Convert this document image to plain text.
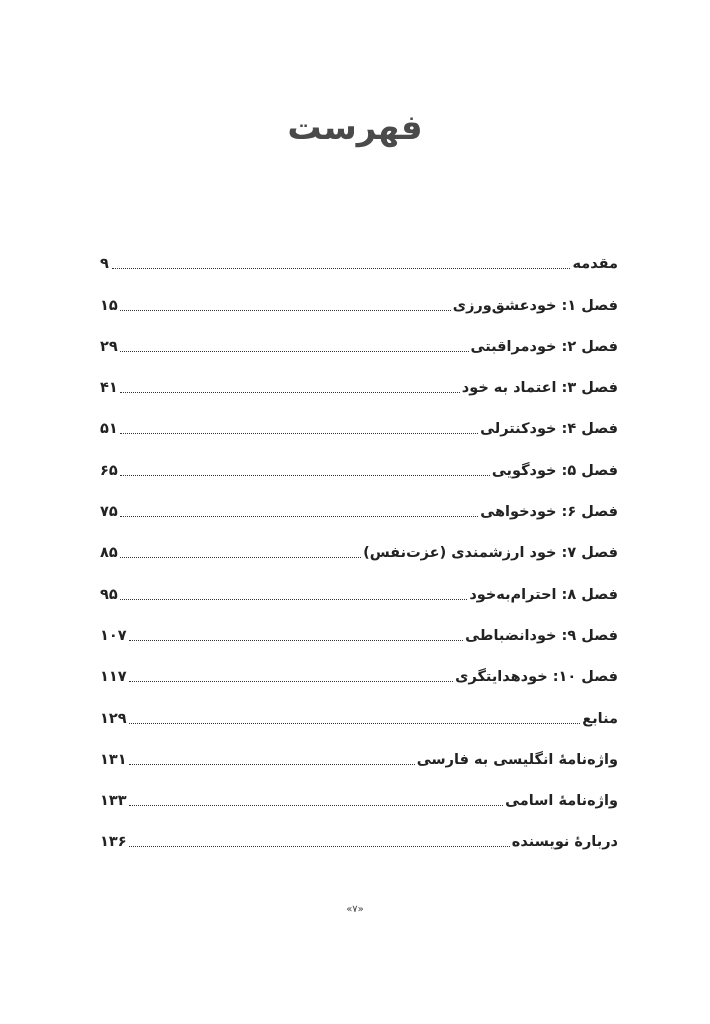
فهرست
مقدمه
۹
فصل ۱: خودعشق‌ورزی
۱۵
فصل ۲: خودمراقبتی
۲۹
فصل ۳: اعتماد به خود
۴۱
فصل ۴: خودکنترلی
۵۱
فصل ۵: خودگویی
۶۵
فصل ۶: خودخواهی
۷۵
فصل ۷: خود ارزشمندی (عزت‌نفس)
۸۵
فصل ۸: احترام‌به‌خود
۹۵
فصل ۹: خودانضباطی
۱۰۷
فصل ۱۰: خودهدایتگری
۱۱۷
منابع
۱۲۹
واژه‌نامۀ انگلیسی به فارسی
۱۳۱
واژه‌نامۀ اسامی
۱۳۳
دربارۀ نویسنده
۱۳۶
«۷»
